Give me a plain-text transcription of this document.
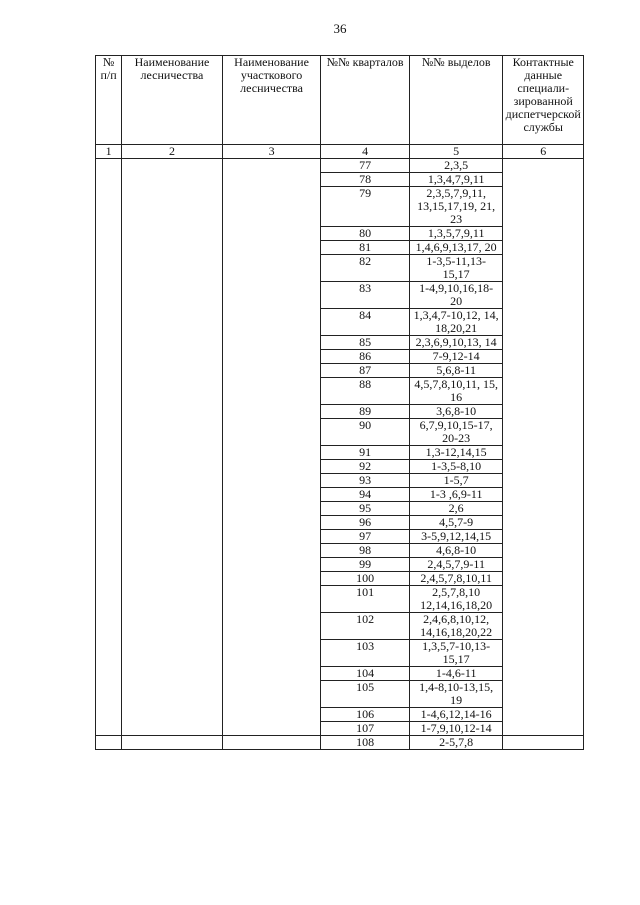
36
№ п/п	Наименование лесничества	Наименование участкового лесничества	№№ кварталов	№№ выделов	Контактные данные специали-зированной диспетчерской службы
1	2	3	4	5	6
			77	2,3,5	
			78	1,3,4,7,9,11	
			79	2,3,5,7,9,11, 13,15,17,19, 21, 23	
			80	1,3,5,7,9,11	
			81	1,4,6,9,13,17, 20	
			82	1-3,5-11,13- 15,17	
			83	1-4,9,10,16,18- 20	
			84	1,3,4,7-10,12, 14, 18,20,21	
			85	2,3,6,9,10,13, 14	
			86	7-9,12-14	
			87	5,6,8-11	
			88	4,5,7,8,10,11, 15, 16	
			89	3,6,8-10	
			90	6,7,9,10,15-17, 20-23	
			91	1,3-12,14,15	
			92	1-3,5-8,10	
			93	1-5,7	
			94	1-3 ,6,9-11	
			95	2,6	
			96	4,5,7-9	
			97	3-5,9,12,14,15	
			98	4,6,8-10	
			99	2,4,5,7,9-11	
			100	2,4,5,7,8,10,11	
			101	2,5,7,8,10 12,14,16,18,20	
			102	2,4,6,8,10,12, 14,16,18,20,22	
			103	1,3,5,7-10,13- 15,17	
			104	1-4,6-11	
			105	1,4-8,10-13,15, 19	
			106	1-4,6,12,14-16	
			107	1-7,9,10,12-14	
			108	2-5,7,8	
